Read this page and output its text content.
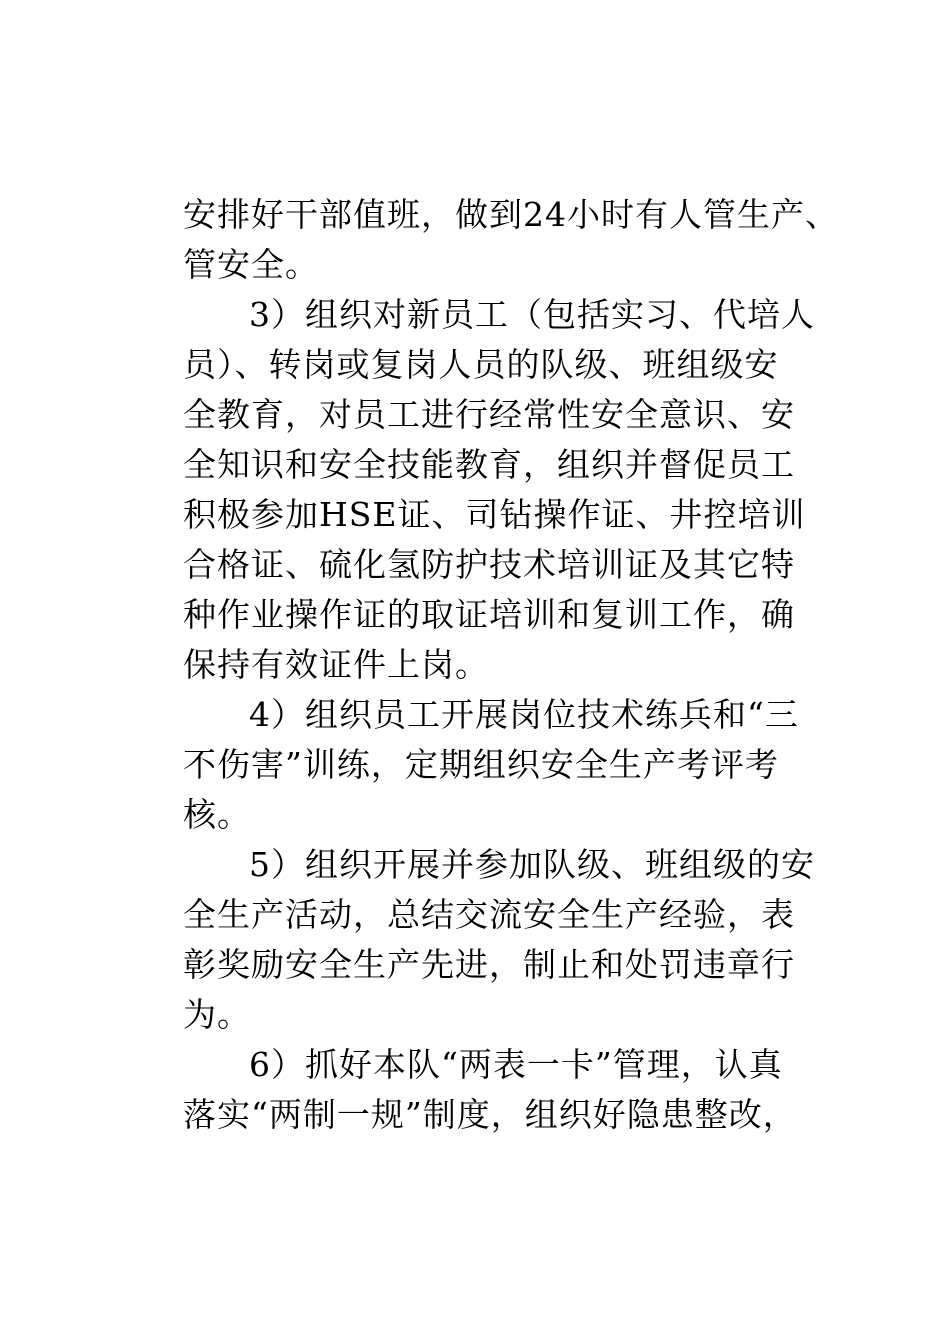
安排好干部值班，做到24小时有人管生产、
管安全。

3）组织对新员工（包括实习、代培人
员）、转岗或复岗人员的队级、班组级安
全教育，对员工进行经常性安全意识、安
全知识和安全技能教育，组织并督促员工
积极参加HSE证、司钻操作证、井控培训
合格证、硫化氢防护技术培训证及其它特
种作业操作证的取证培训和复训工作，确
保持有效证件上岗。

4）组织员工开展岗位技术练兵和“三
不伤害”训练，定期组织安全生产考评考
核。

5）组织开展并参加队级、班组级的安
全生产活动，总结交流安全生产经验，表
彰奖励安全生产先进，制止和处罚违章行
为。

6）抓好本队“两表一卡”管理，认真
落实“两制一规”制度，组织好隐患整改，
